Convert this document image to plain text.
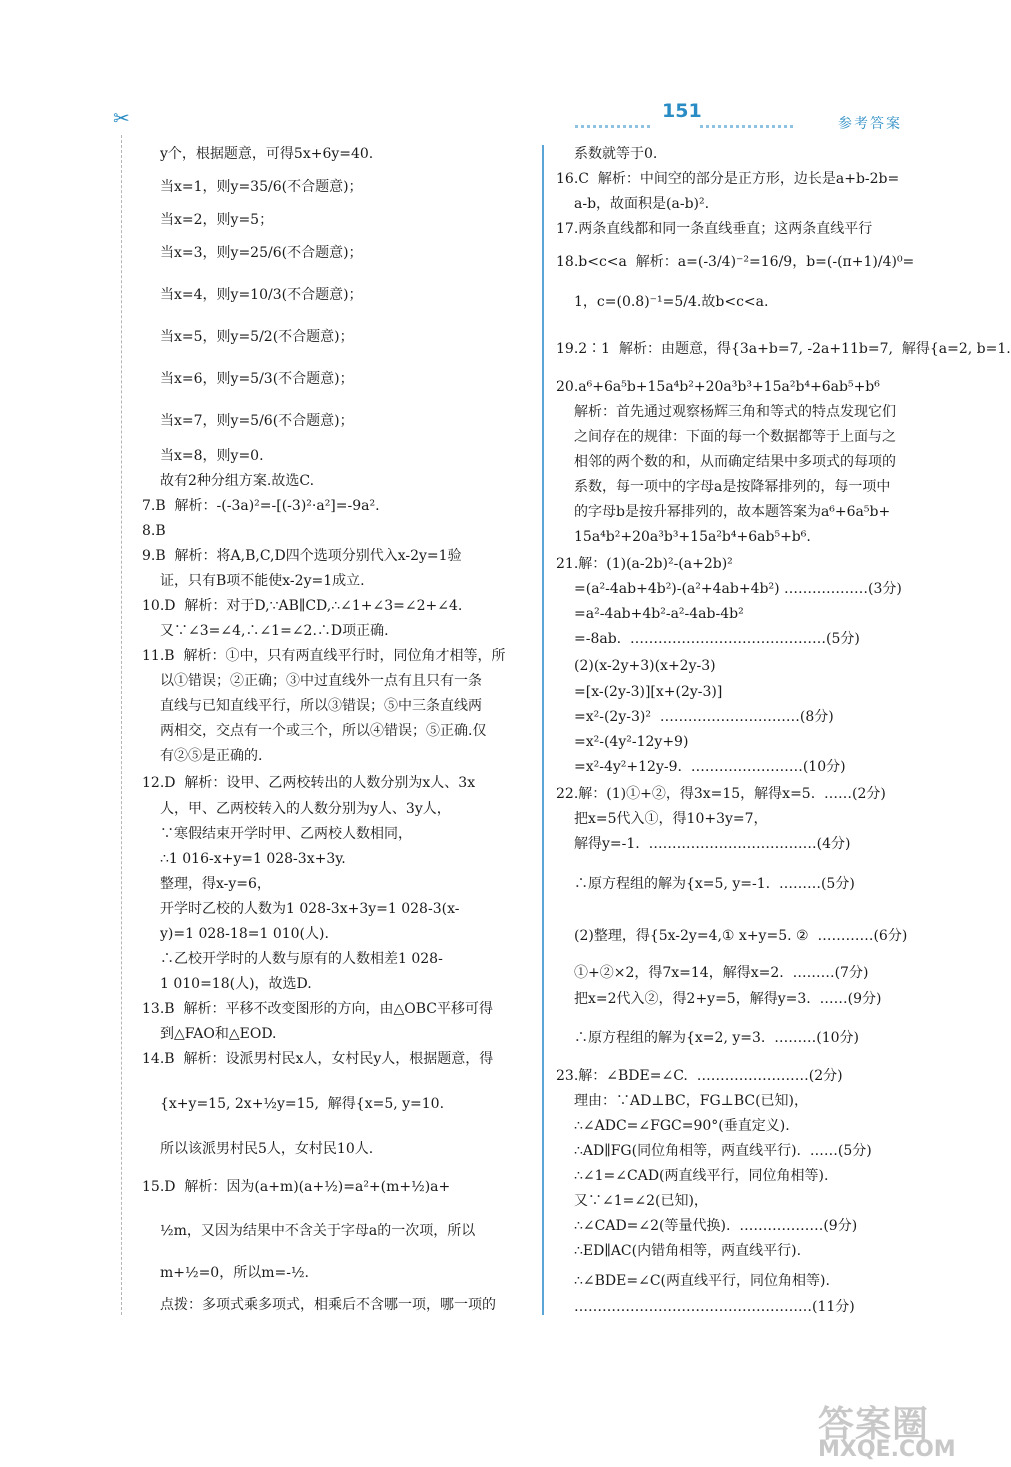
✂	151
参考答案
y个，根据题意，可得5x+6y=40.
当x=1，则y=35/6(不合题意)；
当x=2，则y=5；
当x=3，则y=25/6(不合题意)；
当x=4，则y=10/3(不合题意)；
当x=5，则y=5/2(不合题意)；
当x=6，则y=5/3(不合题意)；
当x=7，则y=5/6(不合题意)；
当x=8，则y=0.
故有2种分组方案.故选C.
7.B  解析：-(-3a)²=-[(-3)²·a²]=-9a².
8.B
9.B  解析：将A,B,C,D四个选项分别代入x-2y=1验
证，只有B项不能使x-2y=1成立.
10.D  解析：对于D,∵AB∥CD,∴∠1+∠3=∠2+∠4.
又∵∠3=∠4,∴∠1=∠2.∴D项正确.
11.B  解析：①中，只有两直线平行时，同位角才相等，所
以①错误；②正确；③中过直线外一点有且只有一条
直线与已知直线平行，所以③错误；⑤中三条直线两
两相交，交点有一个或三个，所以④错误；⑤正确.仅
有②⑤是正确的.
12.D  解析：设甲、乙两校转出的人数分别为x人、3x
人，甲、乙两校转入的人数分别为y人、3y人，
∵寒假结束开学时甲、乙两校人数相同，
∴1 016-x+y=1 028-3x+3y.
整理，得x-y=6，
开学时乙校的人数为1 028-3x+3y=1 028-3(x-
y)=1 028-18=1 010(人).
∴乙校开学时的人数与原有的人数相差1 028-
1 010=18(人)，故选D.
13.B  解析：平移不改变图形的方向，由△OBC平移可得
到△FAO和△EOD.
14.B  解析：设派男村民x人，女村民y人，根据题意，得
{x+y=15, 2x+½y=15,  解得{x=5, y=10.
所以该派男村民5人，女村民10人.
15.D  解析：因为(a+m)(a+½)=a²+(m+½)a+
½m，又因为结果中不含关于字母a的一次项，所以
m+½=0，所以m=-½.
点拨：多项式乘多项式，相乘后不含哪一项，哪一项的
系数就等于0.
16.C  解析：中间空的部分是正方形，边长是a+b-2b=
a-b，故面积是(a-b)².
17.两条直线都和同一条直线垂直；这两条直线平行
18.b<c<a  解析：a=(-3/4)⁻²=16/9，b=(-(π+1)/4)⁰=
1，c=(0.8)⁻¹=5/4.故b<c<a.
19.2∶1  解析：由题意，得{3a+b=7, -2a+11b=7,  解得{a=2, b=1.
20.a⁶+6a⁵b+15a⁴b²+20a³b³+15a²b⁴+6ab⁵+b⁶
解析：首先通过观察杨辉三角和等式的特点发现它们
之间存在的规律：下面的每一个数据都等于上面与之
相邻的两个数的和，从而确定结果中多项式的每项的
系数，每一项中的字母a是按降幂排列的，每一项中
的字母b是按升幂排列的，故本题答案为a⁶+6a⁵b+
15a⁴b²+20a³b³+15a²b⁴+6ab⁵+b⁶.
21.解：(1)(a-2b)²-(a+2b)²
=(a²-4ab+4b²)-(a²+4ab+4b²) ………………(3分)
=a²-4ab+4b²-a²-4ab-4b²
=-8ab.  ……………………………………(5分)
(2)(x-2y+3)(x+2y-3)
=[x-(2y-3)][x+(2y-3)]
=x²-(2y-3)²  …………………………(8分)
=x²-(4y²-12y+9)
=x²-4y²+12y-9.  ……………………(10分)
22.解：(1)①+②，得3x=15，解得x=5.  ……(2分)
把x=5代入①，得10+3y=7，
解得y=-1.  ………………………………(4分)
∴原方程组的解为{x=5, y=-1.  ………(5分)
(2)整理，得{5x-2y=4,① x+y=5. ②  …………(6分)
①+②×2，得7x=14，解得x=2.  ………(7分)
把x=2代入②，得2+y=5，解得y=3.  ……(9分)
∴原方程组的解为{x=2, y=3.  ………(10分)
23.解：∠BDE=∠C.  ……………………(2分)
理由：∵AD⊥BC，FG⊥BC(已知)，
∴∠ADC=∠FGC=90°(垂直定义).
∴AD∥FG(同位角相等，两直线平行).  ……(5分)
∴∠1=∠CAD(两直线平行，同位角相等).
又∵∠1=∠2(已知)，
∴∠CAD=∠2(等量代换).  ………………(9分)
∴ED∥AC(内错角相等，两直线平行).
∴∠BDE=∠C(两直线平行，同位角相等).
……………………………………………(11分)
答案圈
MXQE.COM
